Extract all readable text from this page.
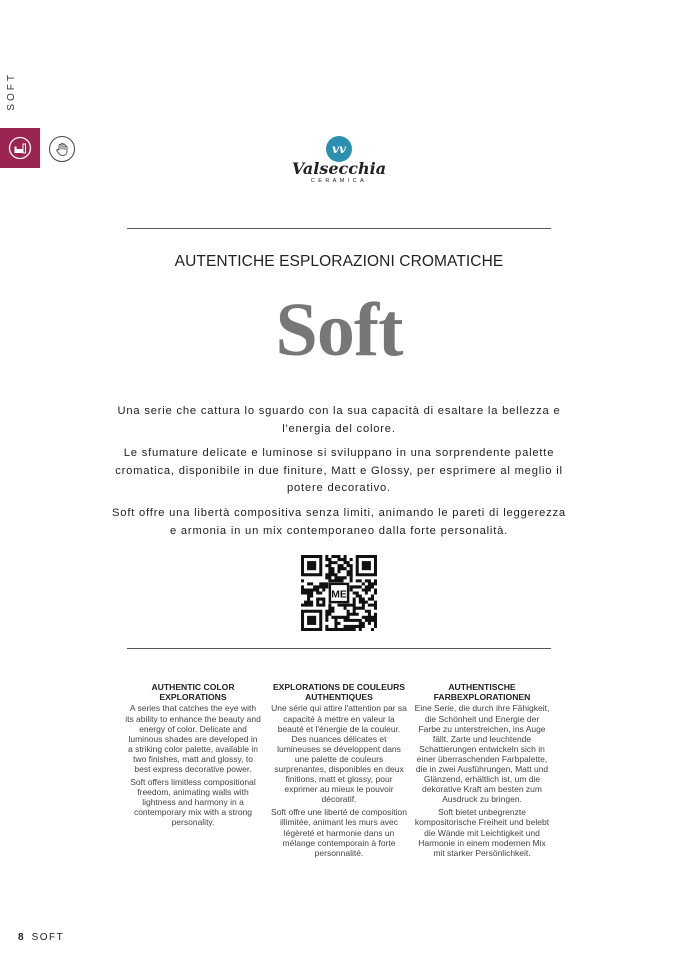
SOFT
vv
Valsecchia
CERAMICA
AUTENTICHE ESPLORAZIONI CROMATICHE
Soft

Una serie che cattura lo sguardo con la sua capacità di esaltare la bellezza e l'energia del colore.

Le sfumature delicate e luminose si sviluppano in una sorprendente palette cromatica, disponibile in due finiture, Matt e Glossy, per esprimere al meglio il potere decorativo.

Soft offre una libertà compositiva senza limiti, animando le pareti di leggerezza e armonia in un mix contemporaneo dalla forte personalità.

ME
AUTHENTIC COLOR EXPLORATIONS

A series that catches the eye with its ability to enhance the beauty and energy of color. Delicate and luminous shades are developed in a striking color palette, available in two finishes, matt and glossy, to best express decorative power.

Soft offers limitless compositional freedom, animating walls with lightness and harmony in a contemporary mix with a strong personality.

EXPLORATIONS DE COULEURS AUTHENTIQUES

Une série qui attire l'attention par sa capacité à mettre en valeur la beauté et l'énergie de la couleur. Des nuances délicates et lumineuses se développent dans une palette de couleurs surprenantes, disponibles en deux finitions, matt et glossy, pour exprimer au mieux le pouvoir décoratif.

Soft offre une liberté de composition illimitée, animant les murs avec légèreté et harmonie dans un mélange contemporain à forte personnalité.

AUTHENTISCHE FARBEXPLORATIONEN

Eine Serie, die durch ihre Fähigkeit, die Schönheit und Energie der Farbe zu unterstreichen, ins Auge fällt. Zarte und leuchtende Schattierungen entwickeln sich in einer überraschenden Farbpalette, die in zwei Ausführungen, Matt und Glänzend, erhältlich ist, um die dekorative Kraft am besten zum Ausdruck zu bringen.

Soft bietet unbegrenzte kompositorische Freiheit und belebt die Wände mit Leichtigkeit und Harmonie in einem modernen Mix mit starker Persönlichkeit.

8 SOFT
